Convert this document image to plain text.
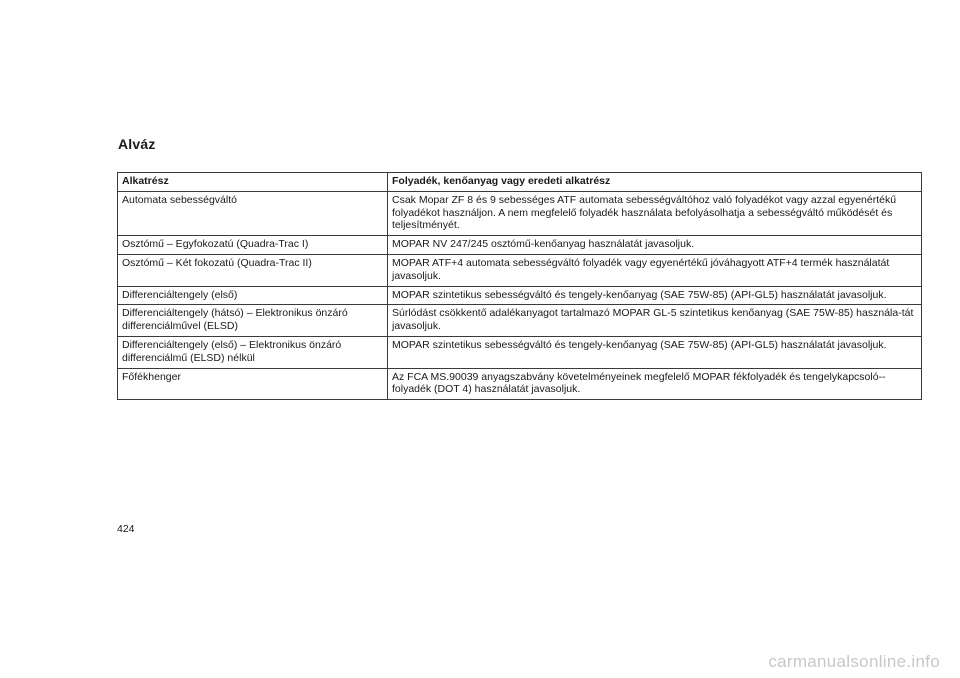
Alváz
Alkatrész	Folyadék, kenőanyag vagy eredeti alkatrész
Automata sebességváltó	Csak Mopar ZF 8 és 9 sebességes ATF automata sebességváltóhoz való folyadékot vagy azzal egyenértékű folyadékot használjon. A nem megfelelő folyadék használata befolyásolhatja a sebességváltó működését és teljesítményét.
Osztómű – Egyfokozatú (Quadra-Trac I)	MOPAR NV 247/245 osztómű-kenőanyag használatát javasoljuk.
Osztómű – Két fokozatú (Quadra-Trac II)	MOPAR ATF+4 automata sebességváltó folyadék vagy egyenértékű jóváhagyott ATF+4 termék használatát javasoljuk.
Differenciáltengely (első)	MOPAR szintetikus sebességváltó és tengely-kenőanyag (SAE 75W-85) (API-GL5) használatát javasoljuk.
Differenciáltengely (hátsó) – Elektronikus önzáró differenciálművel (ELSD)	Súrlódást csökkentő adalékanyagot tartalmazó MOPAR GL-5 szintetikus kenőanyag (SAE 75W-85) használa-tát javasoljuk.
Differenciáltengely (első) – Elektronikus önzáró differenciálmű (ELSD) nélkül	MOPAR szintetikus sebességváltó és tengely-kenőanyag (SAE 75W-85) (API-GL5) használatát javasoljuk.
Főfékhenger	Az FCA MS.90039 anyagszabvány követelményeinek megfelelő MOPAR fékfolyadék és tengelykapcsoló--folyadék (DOT 4) használatát javasoljuk.

424

carmanualsonline.info
